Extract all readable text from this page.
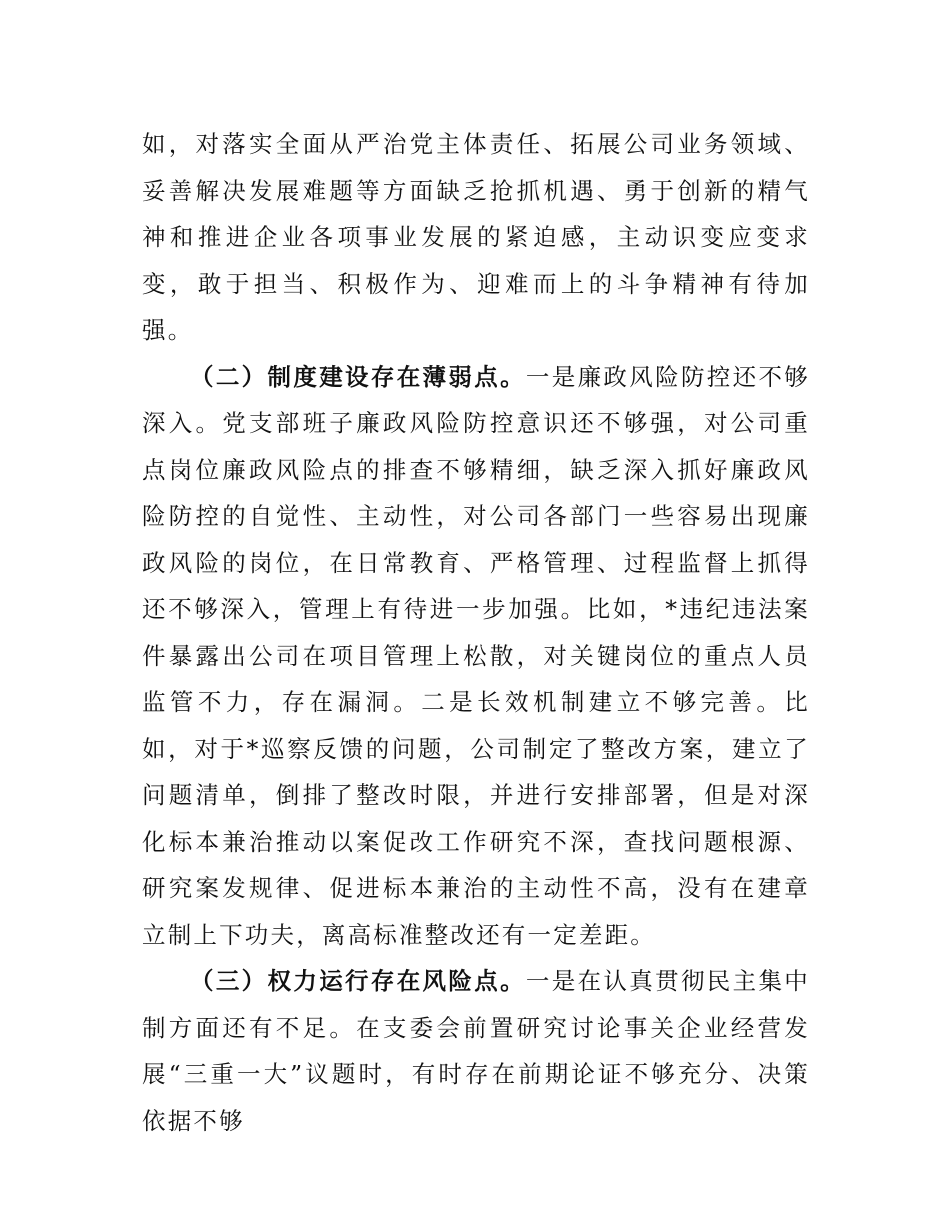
如，对落实全面从严治党主体责任、拓展公司业务领域、妥善解决发展难题等方面缺乏抢抓机遇、勇于创新的精气神和推进企业各项事业发展的紧迫感，主动识变应变求变，敢于担当、积极作为、迎难而上的斗争精神有待加强。

（二）制度建设存在薄弱点。一是廉政风险防控还不够深入。党支部班子廉政风险防控意识还不够强，对公司重点岗位廉政风险点的排查不够精细，缺乏深入抓好廉政风险防控的自觉性、主动性，对公司各部门一些容易出现廉政风险的岗位，在日常教育、严格管理、过程监督上抓得还不够深入，管理上有待进一步加强。比如，*违纪违法案件暴露出公司在项目管理上松散，对关键岗位的重点人员监管不力，存在漏洞。二是长效机制建立不够完善。比如，对于*巡察反馈的问题，公司制定了整改方案，建立了问题清单，倒排了整改时限，并进行安排部署，但是对深化标本兼治推动以案促改工作研究不深，查找问题根源、研究案发规律、促进标本兼治的主动性不高，没有在建章立制上下功夫，离高标准整改还有一定差距。

（三）权力运行存在风险点。一是在认真贯彻民主集中制方面还有不足。在支委会前置研究讨论事关企业经营发展“三重一大”议题时，有时存在前期论证不够充分、决策依据不够
